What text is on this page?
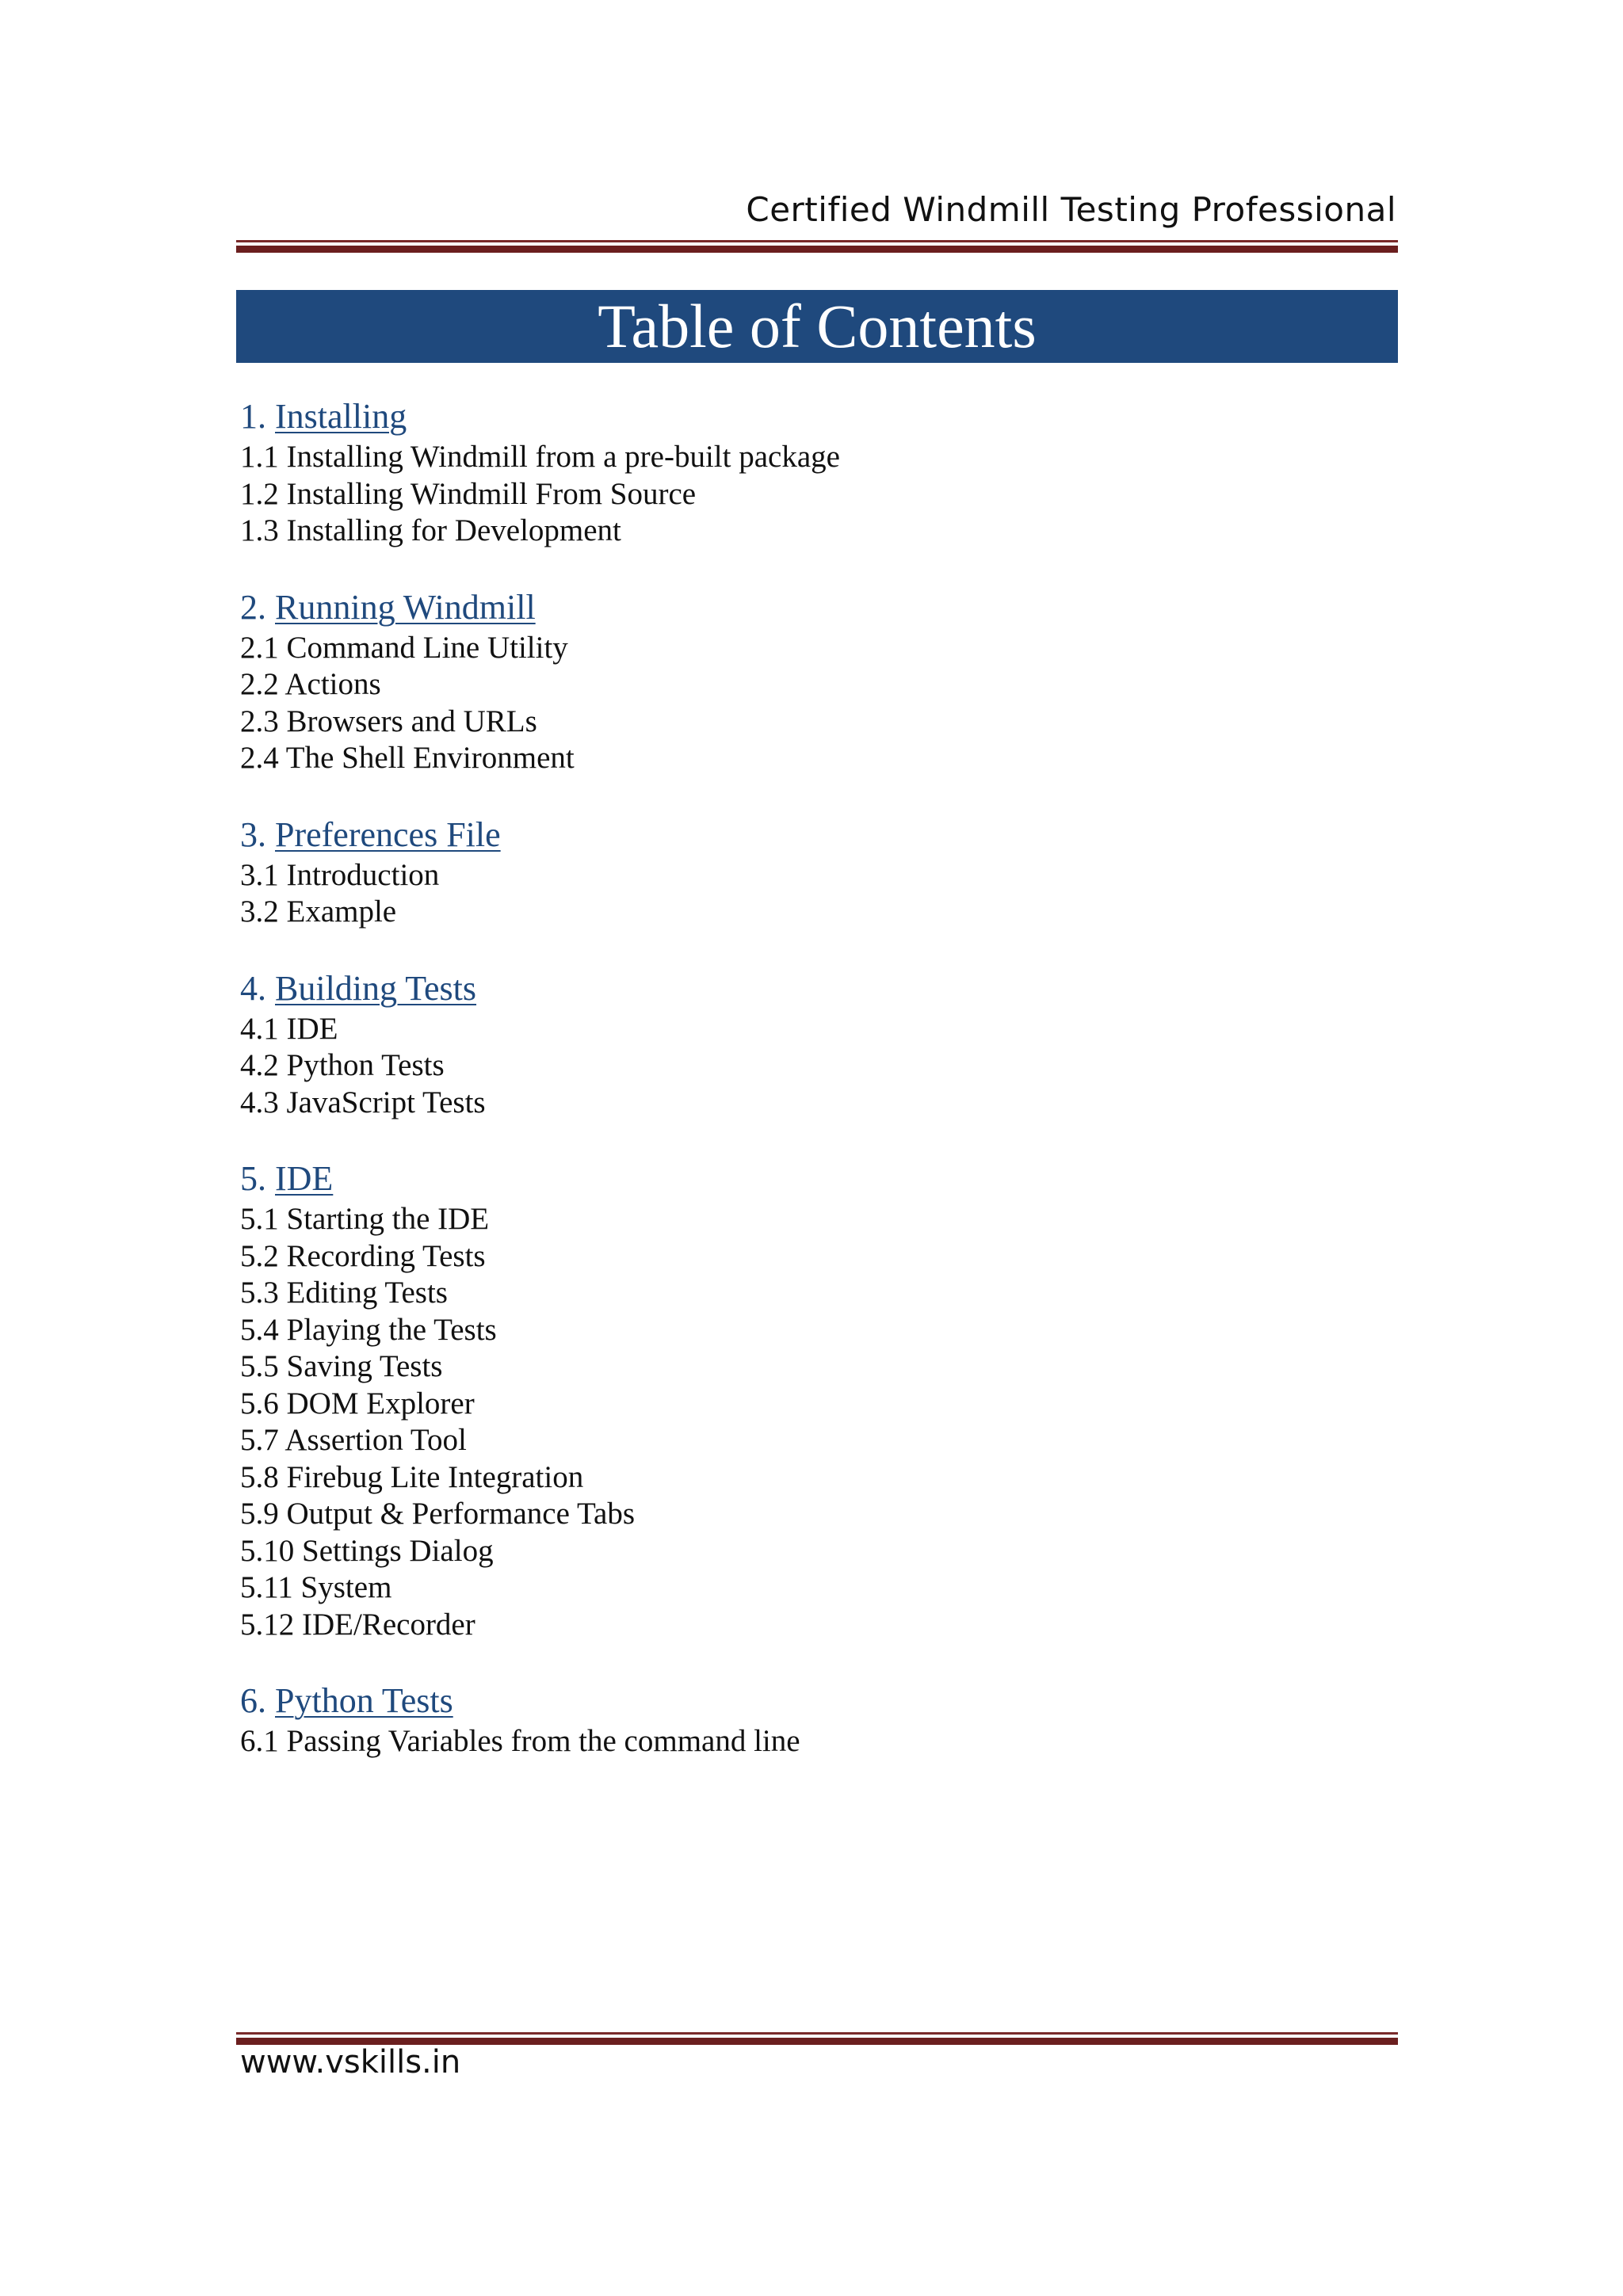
Certified Windmill Testing Professional
Table of Contents
1. Installing
1.1 Installing Windmill from a pre-built package
1.2 Installing Windmill From Source
1.3 Installing for Development
2. Running Windmill
2.1 Command Line Utility
2.2 Actions
2.3 Browsers and URLs
2.4 The Shell Environment
3. Preferences File
3.1 Introduction
3.2 Example
4. Building Tests
4.1 IDE
4.2 Python Tests
4.3 JavaScript Tests
5. IDE
5.1 Starting the IDE
5.2 Recording Tests
5.3 Editing Tests
5.4 Playing the Tests
5.5 Saving Tests
5.6 DOM Explorer
5.7 Assertion Tool
5.8 Firebug Lite Integration
5.9 Output & Performance Tabs
5.10 Settings Dialog
5.11 System
5.12 IDE/Recorder
6. Python Tests
6.1 Passing Variables from the command line
www.vskills.in
